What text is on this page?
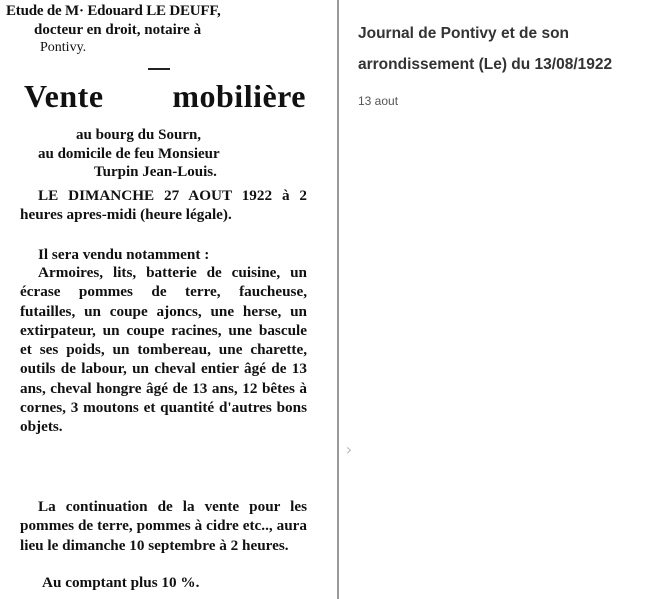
Etude de M· Edouard LE DEUFF,
docteur en droit, notaire à
Pontivy.
Vente mobilière
au bourg du Sourn,
au domicile de feu Monsieur
Turpin Jean-Louis.
LE DIMANCHE 27 AOUT 1922 à 2 heures apres-midi (heure légale).
Il sera vendu notamment :
Armoires, lits, batterie de cuisine, un écrase pommes de terre, faucheuse, futailles, un coupe ajoncs, une herse, un extirpateur, un coupe racines, une bascule et ses poids, un tombereau, une charette, outils de labour, un cheval entier âgé de 13 ans, cheval hongre âgé de 13 ans, 12 bêtes à cornes, 3 moutons et quantité d'autres bons objets.
La continuation de la vente pour les pommes de terre, pommes à cidre etc.., aura lieu le dimanche 10 septembre à 2 heures.
Au comptant plus 10 %.
›

Journal de Pontivy et de son arrondissement (Le) du 13/08/1922

13 aout
